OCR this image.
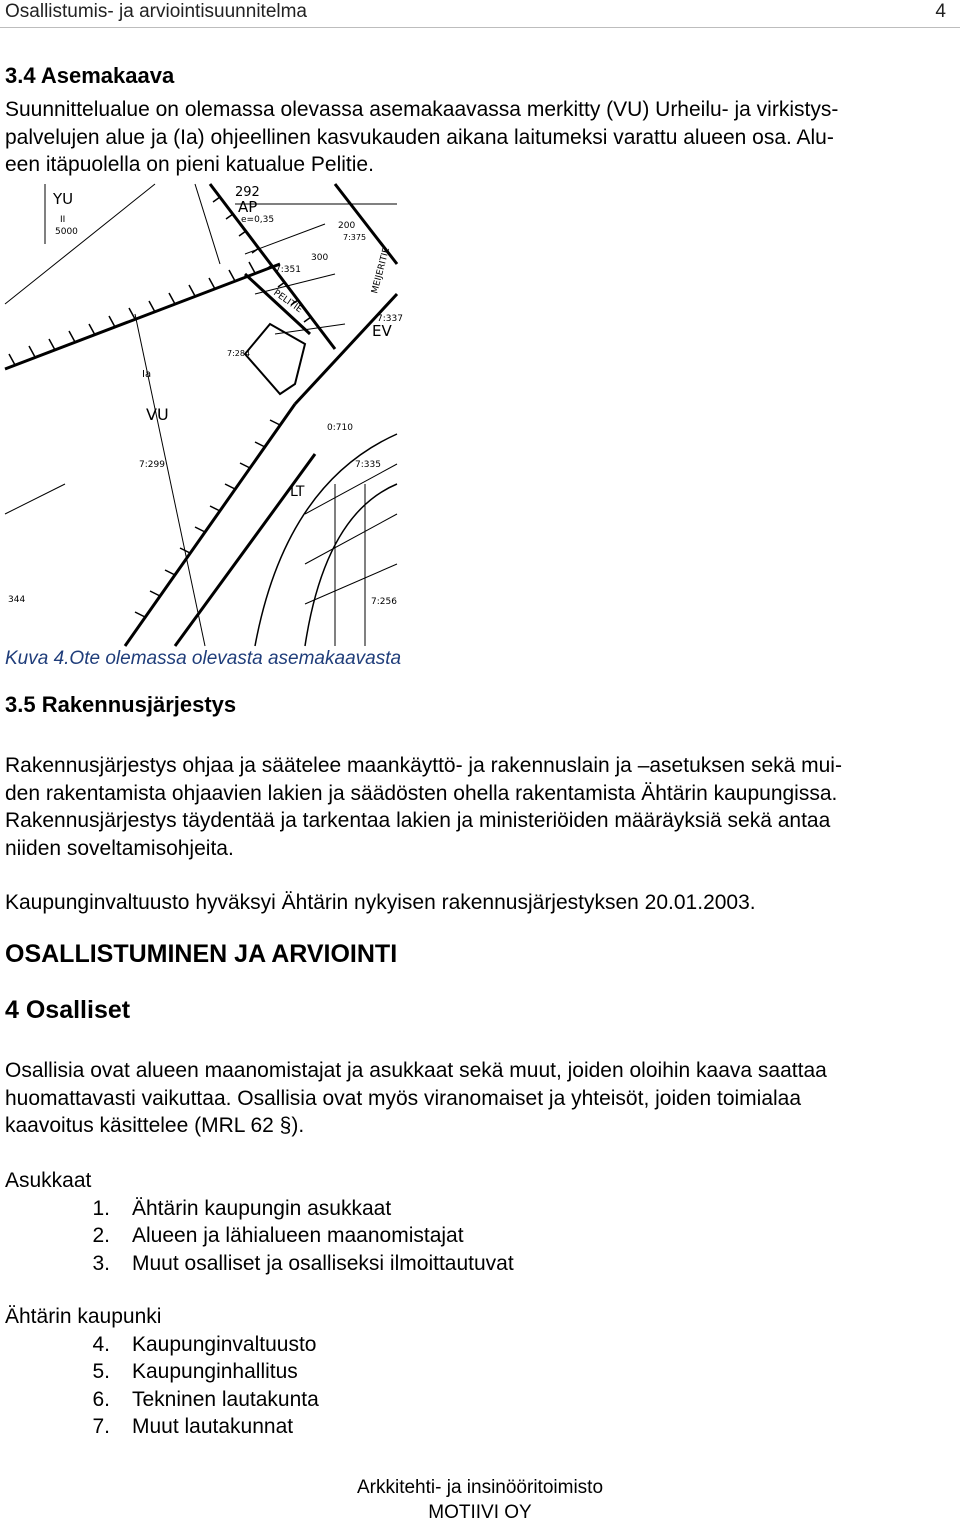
Osallistumis- ja arviointisuunnitelma	4
3.4 Asemakaava
Suunnittelualue on olemassa olevassa asemakaavassa merkitty (VU) Urheilu- ja virkistys-
palvelujen alue ja (Ia) ohjeellinen kasvukauden aikana laitumeksi varattu alueen osa. Alu-
een itäpuolella on pieni katualue Pelitie.
YU
II
5000
292
AP
e=0,35
EV
Ia
VU
LT
PELITIE
MEIJERITIE
7:351
7:299
7:256
7:335
7:337
0:710
344
200
300
7:284
7:375
Kuva 4.Ote olemassa olevasta asemakaavasta
3.5 Rakennusjärjestys
Rakennusjärjestys ohjaa ja säätelee maankäyttö- ja rakennuslain ja –asetuksen sekä mui-
den rakentamista ohjaavien lakien ja säädösten ohella rakentamista Ähtärin kaupungissa.
Rakennusjärjestys täydentää ja tarkentaa lakien ja ministeriöiden määräyksiä sekä antaa
niiden soveltamisohjeita.
Kaupunginvaltuusto hyväksyi Ähtärin nykyisen rakennusjärjestyksen 20.01.2003.
OSALLISTUMINEN JA ARVIOINTI
4 Osalliset
Osallisia ovat alueen maanomistajat ja asukkaat sekä muut, joiden oloihin kaava saattaa
huomattavasti vaikuttaa. Osallisia ovat myös viranomaiset ja yhteisöt, joiden toimialaa
kaavoitus käsittelee (MRL 62 §).
Asukkaat
1. Ähtärin kaupungin asukkaat
2. Alueen ja lähialueen maanomistajat
3. Muut osalliset ja osalliseksi ilmoittautuvat
Ähtärin kaupunki
4. Kaupunginvaltuusto
5. Kaupunginhallitus
6. Tekninen lautakunta
7. Muut lautakunnat
Arkkitehti- ja insinööritoimisto
MOTIIVI OY
